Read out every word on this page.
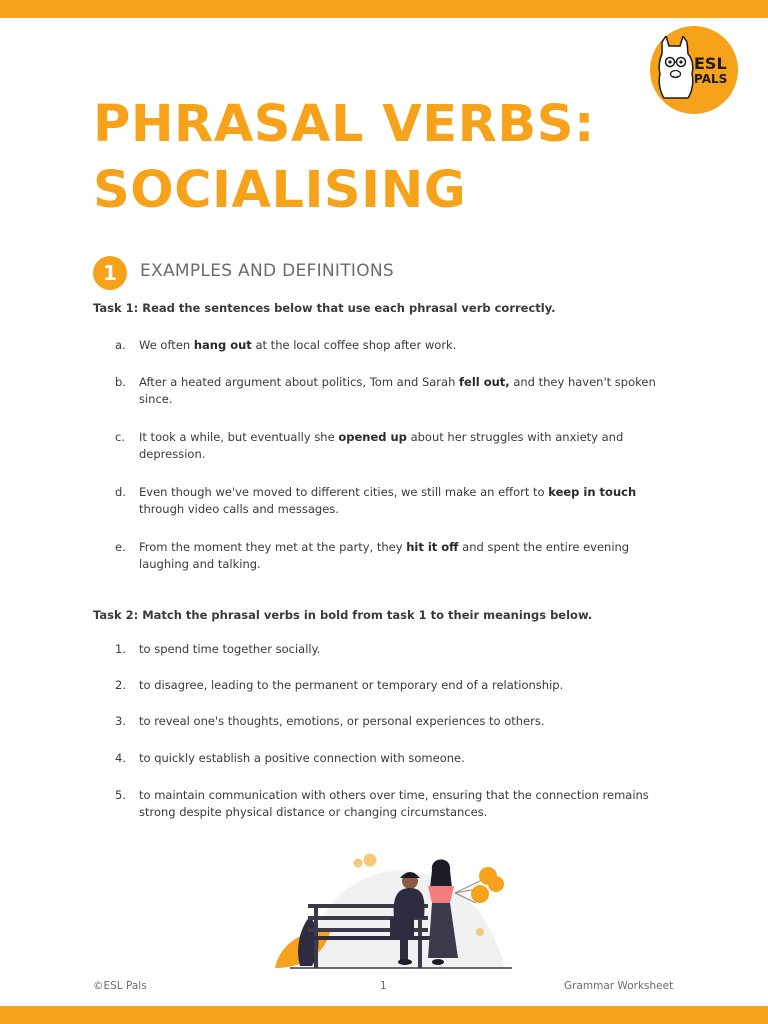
ESL
PALS
PHRASAL VERBS:
SOCIALISING
1	EXAMPLES AND DEFINITIONS

Task 1: Read the sentences below that use each phrasal verb correctly.

a.	We often hang out at the local coffee shop after work.
b.	After a heated argument about politics, Tom and Sarah fell out, and they haven't spoken since.
c.	It took a while, but eventually she opened up about her struggles with anxiety and depression.
d.	Even though we've moved to different cities, we still make an effort to keep in touch through video calls and messages.
e.	From the moment they met at the party, they hit it off and spent the entire evening laughing and talking.

Task 2: Match the phrasal verbs in bold from task 1 to their meanings below.

1.	to spend time together socially.
2.	to disagree, leading to the permanent or temporary end of a relationship.
3.	to reveal one's thoughts, emotions, or personal experiences to others.
4.	to quickly establish a positive connection with someone.
5.	to maintain communication with others over time, ensuring that the connection remains strong despite physical distance or changing circumstances.
©ESL Pals	1	Grammar Worksheet
